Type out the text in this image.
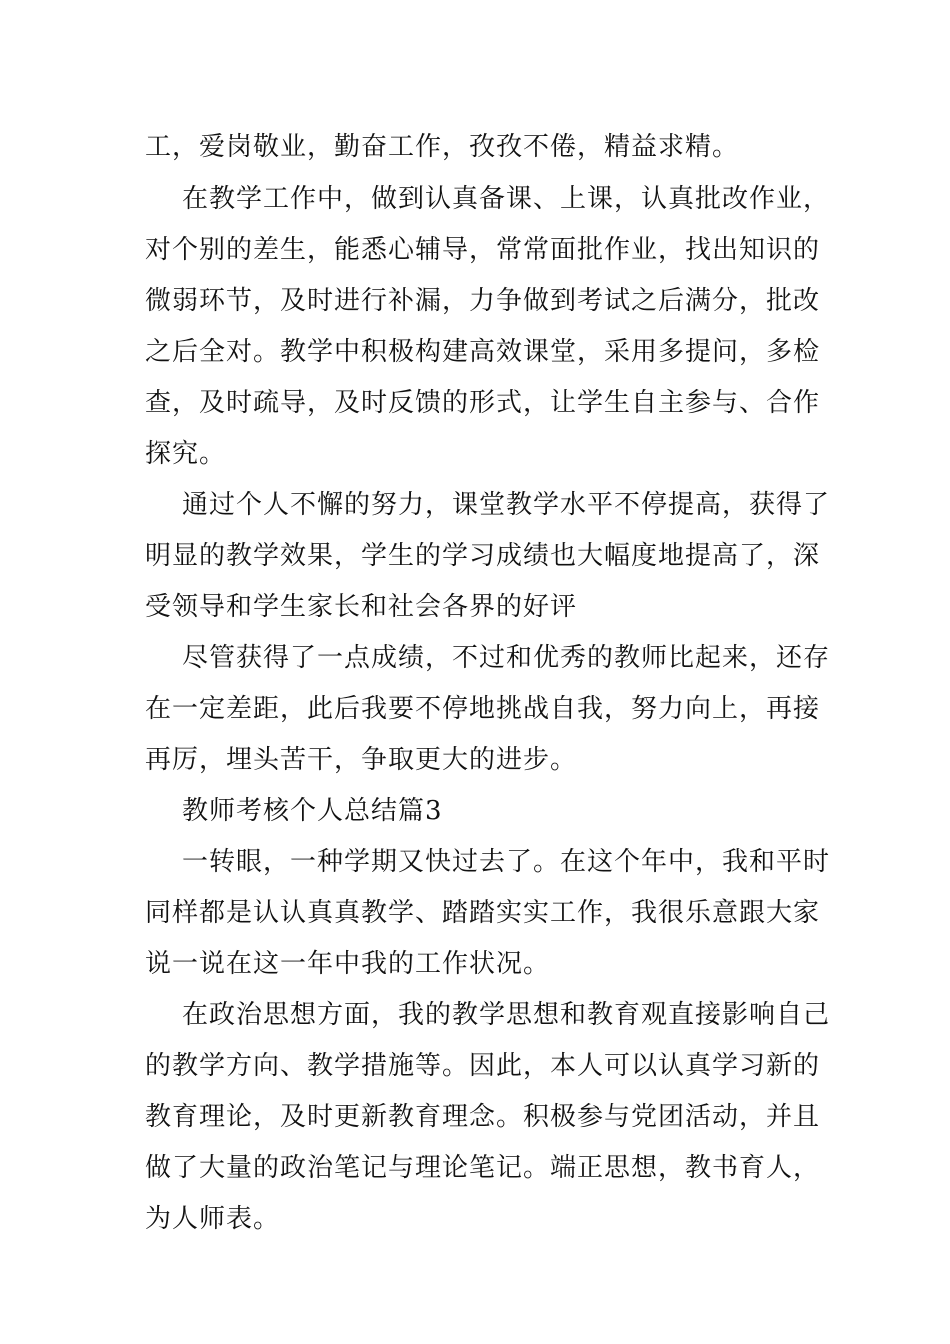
工，爱岗敬业，勤奋工作，孜孜不倦，精益求精。
在教学工作中，做到认真备课、上课，认真批改作业，
对个别的差生，能悉心辅导，常常面批作业，找出知识的
微弱环节，及时进行补漏，力争做到考试之后满分，批改
之后全对。教学中积极构建高效课堂，采用多提问，多检
查，及时疏导，及时反馈的形式，让学生自主参与、合作
探究。
通过个人不懈的努力，课堂教学水平不停提高，获得了
明显的教学效果，学生的学习成绩也大幅度地提高了，深
受领导和学生家长和社会各界的好评
尽管获得了一点成绩，不过和优秀的教师比起来，还存
在一定差距，此后我要不停地挑战自我，努力向上，再接
再厉，埋头苦干，争取更大的进步。
教师考核个人总结篇3
一转眼，一种学期又快过去了。在这个年中，我和平时
同样都是认认真真教学、踏踏实实工作，我很乐意跟大家
说一说在这一年中我的工作状况。
在政治思想方面，我的教学思想和教育观直接影响自己
的教学方向、教学措施等。因此，本人可以认真学习新的
教育理论，及时更新教育理念。积极参与党团活动，并且
做了大量的政治笔记与理论笔记。端正思想，教书育人，
为人师表。
